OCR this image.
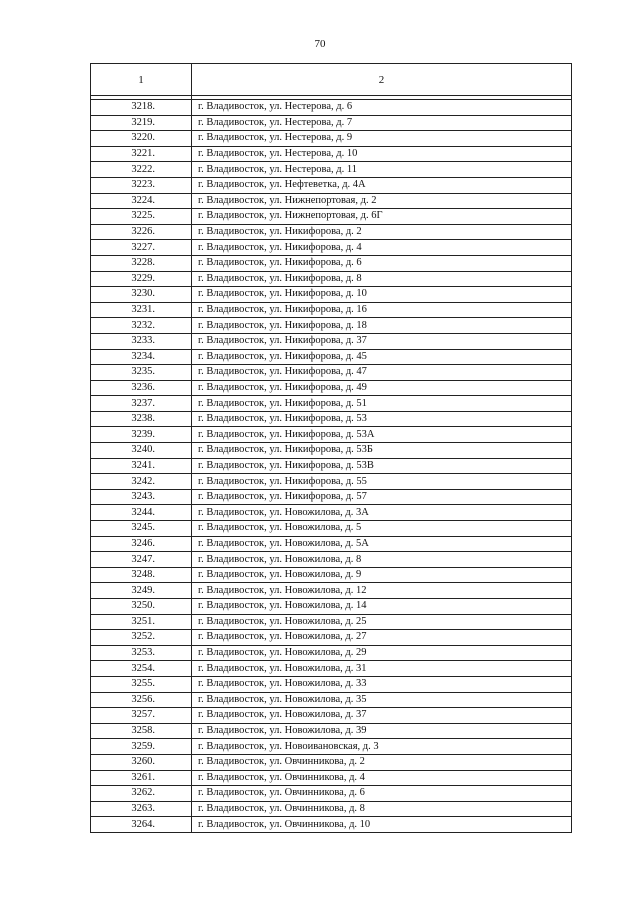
70
1	2

3218.	г. Владивосток, ул. Нестерова, д. 6
3219.	г. Владивосток, ул. Нестерова, д. 7
3220.	г. Владивосток, ул. Нестерова, д. 9
3221.	г. Владивосток, ул. Нестерова, д. 10
3222.	г. Владивосток, ул. Нестерова, д. 11
3223.	г. Владивосток, ул. Нефтеветкa, д. 4А
3224.	г. Владивосток, ул. Нижнепортовая, д. 2
3225.	г. Владивосток, ул. Нижнепортовая, д. 6Г
3226.	г. Владивосток, ул. Никифорова, д. 2
3227.	г. Владивосток, ул. Никифорова, д. 4
3228.	г. Владивосток, ул. Никифорова, д. 6
3229.	г. Владивосток, ул. Никифорова, д. 8
3230.	г. Владивосток, ул. Никифорова, д. 10
3231.	г. Владивосток, ул. Никифорова, д. 16
3232.	г. Владивосток, ул. Никифорова, д. 18
3233.	г. Владивосток, ул. Никифорова, д. 37
3234.	г. Владивосток, ул. Никифорова, д. 45
3235.	г. Владивосток, ул. Никифорова, д. 47
3236.	г. Владивосток, ул. Никифорова, д. 49
3237.	г. Владивосток, ул. Никифорова, д. 51
3238.	г. Владивосток, ул. Никифорова, д. 53
3239.	г. Владивосток, ул. Никифорова, д. 53А
3240.	г. Владивосток, ул. Никифорова, д. 53Б
3241.	г. Владивосток, ул. Никифорова, д. 53В
3242.	г. Владивосток, ул. Никифорова, д. 55
3243.	г. Владивосток, ул. Никифорова, д. 57
3244.	г. Владивосток, ул. Новожилова, д. 3А
3245.	г. Владивосток, ул. Новожилова, д. 5
3246.	г. Владивосток, ул. Новожилова, д. 5А
3247.	г. Владивосток, ул. Новожилова, д. 8
3248.	г. Владивосток, ул. Новожилова, д. 9
3249.	г. Владивосток, ул. Новожилова, д. 12
3250.	г. Владивосток, ул. Новожилова, д. 14
3251.	г. Владивосток, ул. Новожилова, д. 25
3252.	г. Владивосток, ул. Новожилова, д. 27
3253.	г. Владивосток, ул. Новожилова, д. 29
3254.	г. Владивосток, ул. Новожилова, д. 31
3255.	г. Владивосток, ул. Новожилова, д. 33
3256.	г. Владивосток, ул. Новожилова, д. 35
3257.	г. Владивосток, ул. Новожилова, д. 37
3258.	г. Владивосток, ул. Новожилова, д. 39
3259.	г. Владивосток, ул. Новоивановская, д. 3
3260.	г. Владивосток, ул. Овчинникова, д. 2
3261.	г. Владивосток, ул. Овчинникова, д. 4
3262.	г. Владивосток, ул. Овчинникова, д. 6
3263.	г. Владивосток, ул. Овчинникова, д. 8
3264.	г. Владивосток, ул. Овчинникова, д. 10
